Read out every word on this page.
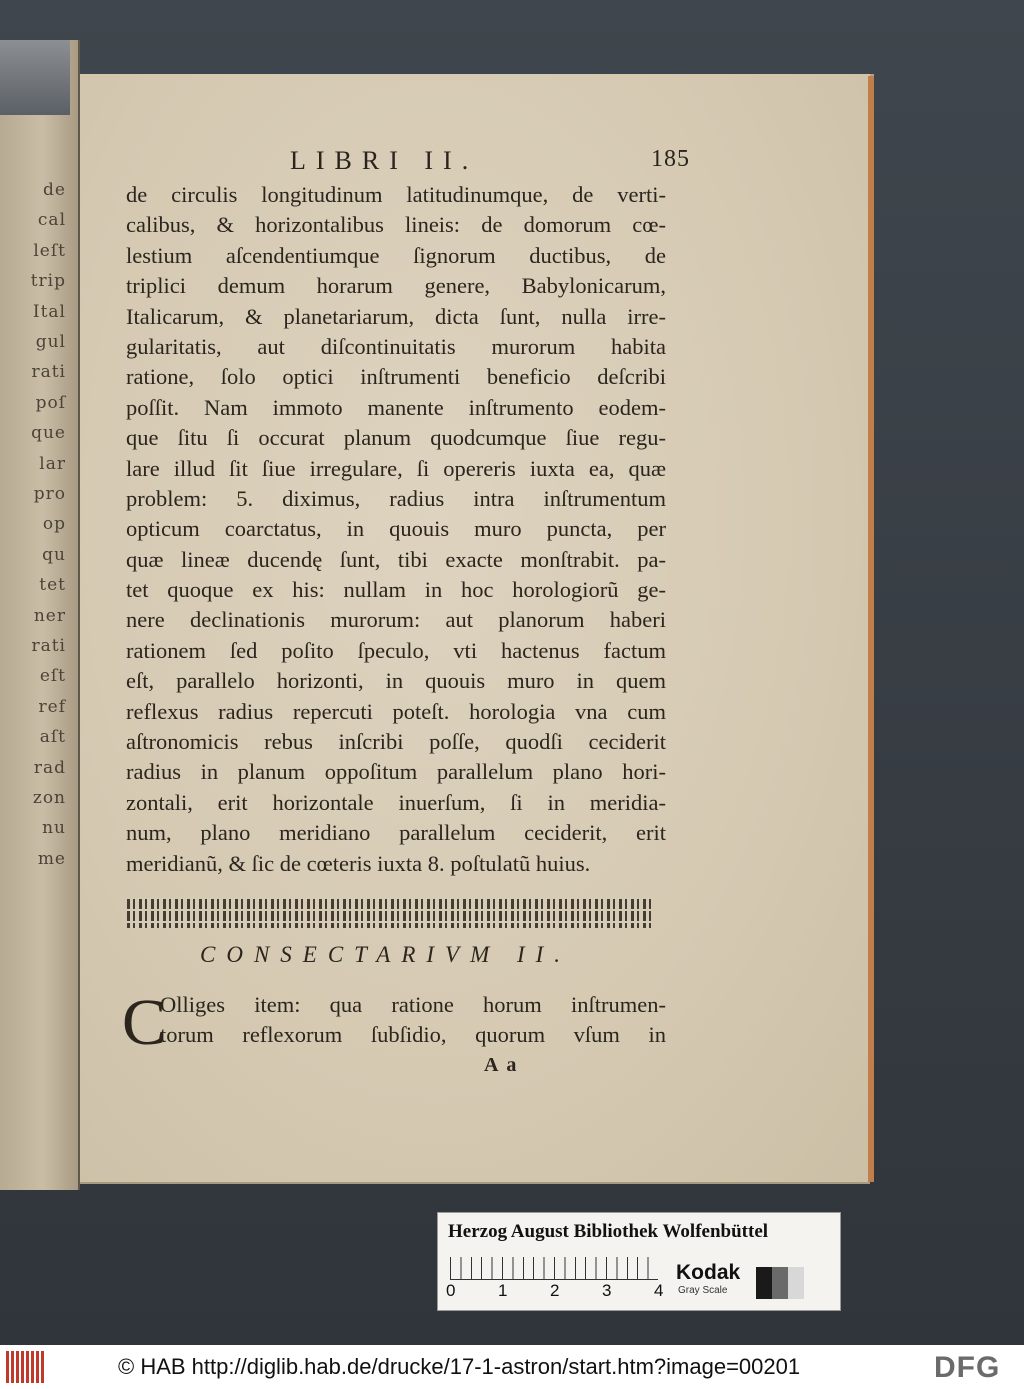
de
cal
leſt
trip
Ital
gul
rati
poſ
que
lar
pro
op
qu
tet
ner
rati
eſt
ref
aſt
rad
zon
nu
me
LIBRI II.	185
de circulis longitudinum latitudinumque, de verti-
calibus, & horizontalibus lineis: de domorum cœ-
lestium aſcendentiumque ſignorum ductibus, de
triplici demum horarum genere, Babylonicarum,
Italicarum, & planetariarum, dicta ſunt, nulla irre-
gularitatis, aut diſcontinuitatis murorum habita
ratione, ſolo optici inſtrumenti beneficio deſcribi
poſſit. Nam immoto manente inſtrumento eodem-
que ſitu ſi occurat planum quodcumque ſiue regu-
lare illud ſit ſiue irregulare, ſi opereris iuxta ea, quæ
problem: 5. diximus, radius intra inſtrumentum
opticum coarctatus, in quouis muro puncta, per
quæ lineæ ducendę ſunt, tibi exacte monſtrabit. pa-
tet quoque ex his: nullam in hoc horologiorũ ge-
nere declinationis murorum: aut planorum haberi
rationem ſed poſito ſpeculo, vti hactenus factum
eſt, parallelo horizonti, in quouis muro in quem
reflexus radius repercuti poteſt. horologia vna cum
aſtronomicis rebus inſcribi poſſe, quodſi ceciderit
radius in planum oppoſitum parallelum plano hori-
zontali, erit horizontale inuerſum, ſi in meridia-
num, plano meridiano parallelum ceciderit, erit
meridianũ, & ſic de cœteris iuxta 8. poſtulatũ huius.
CONSECTARIVM II.
C
Olliges item: qua ratione horum inſtrumen-
torum reflexorum ſubſidio, quorum vſum in
A a
Herzog August Bibliothek Wolfenbüttel
0	1	2	3	4
Kodak
Gray Scale
© HAB http://diglib.hab.de/drucke/17-1-astron/start.htm?image=00201	DFG
